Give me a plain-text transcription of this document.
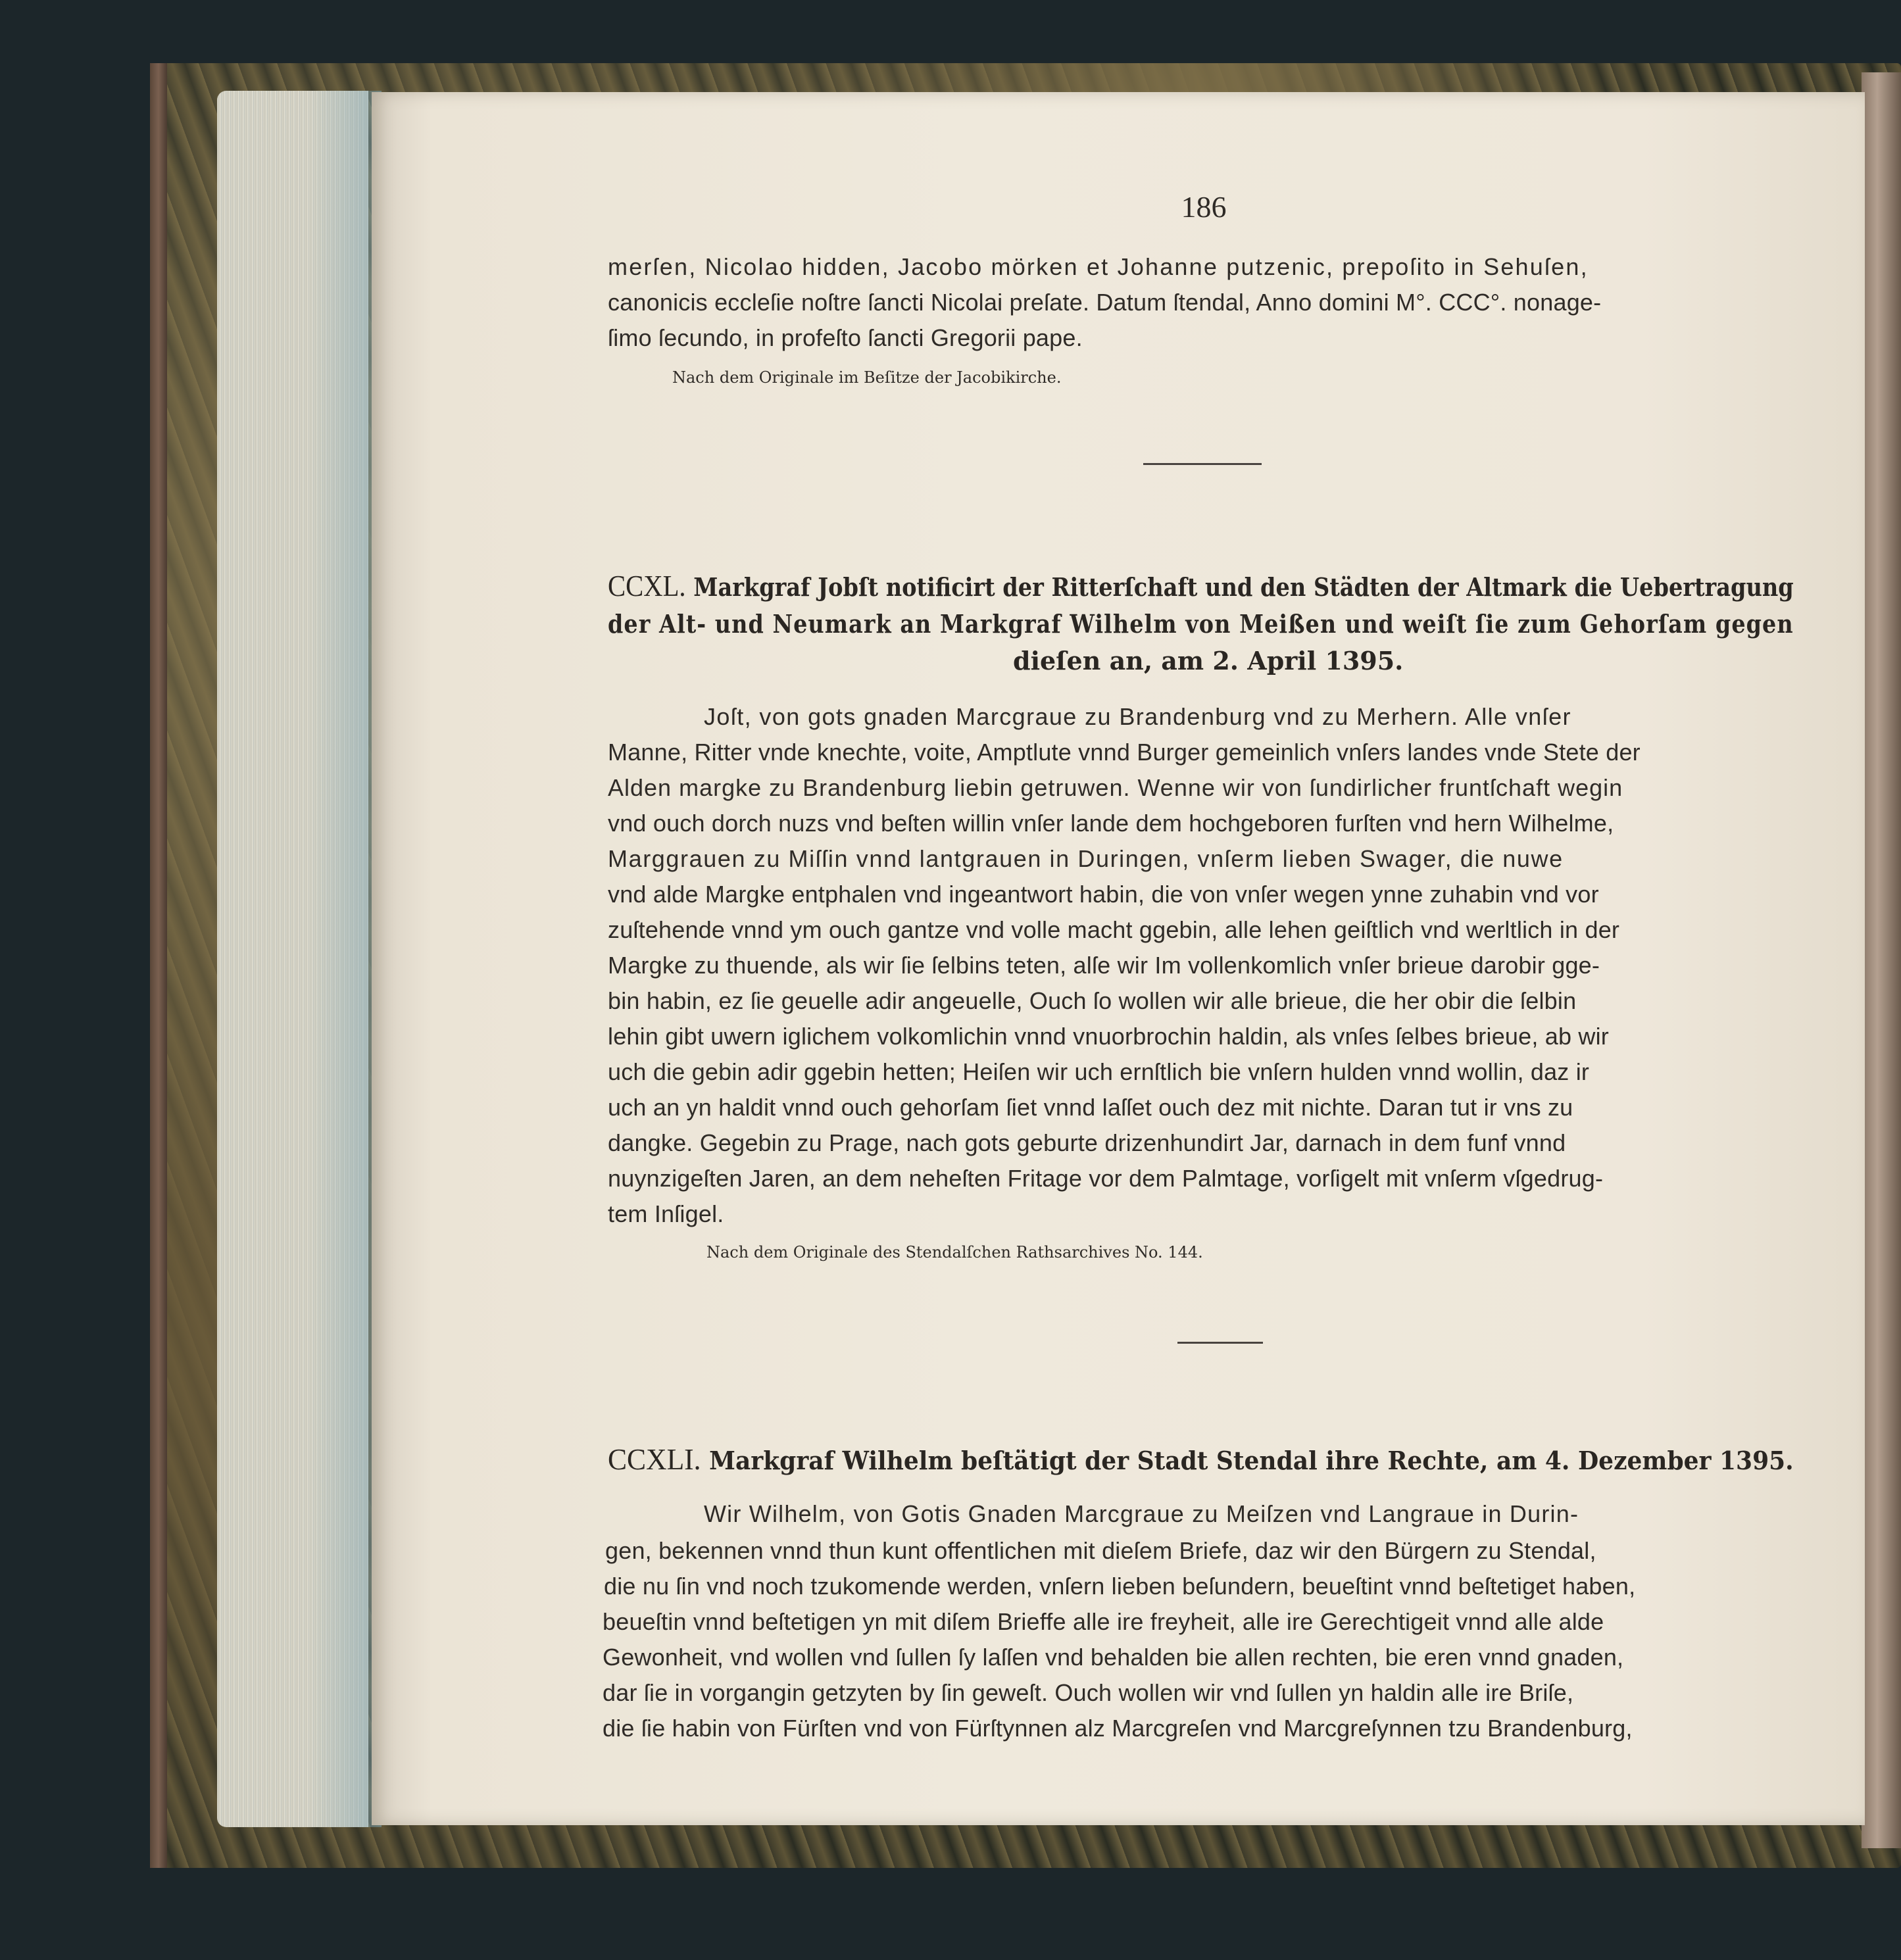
186

merſen, Nicolao hidden, Jacobo mörken et Johanne putzenic, prepoſito in Sehuſen,

canonicis eccleſie noſtre ſancti Nicolai preſate. Datum ſtendal, Anno domini M°. CCC°. nonage-

ſimo ſecundo, in profeſto ſancti Gregorii pape.

Nach dem Originale im Beſitze der Jacobikirche.

CCXL. Markgraf Jobſt notificirt der Ritterſchaft und den Städten der Altmark die Uebertragung

der Alt- und Neumark an Markgraf Wilhelm von Meißen und weiſt ſie zum Gehorſam gegen

dieſen an, am 2. April 1395.

Joſt, von gots gnaden Marcgraue zu Brandenburg vnd zu Merhern. Alle vnſer

Manne, Ritter vnde knechte, voite, Amptlute vnnd Burger gemeinlich vnſers landes vnde Stete der

Alden margke zu Brandenburg liebin getruwen. Wenne wir von ſundirlicher fruntſchaft wegin

vnd ouch dorch nuzs vnd beſten willin vnſer lande dem hochgeboren furſten vnd hern Wilhelme,

Marggrauen zu Miſſin vnnd lantgrauen in Duringen, vnſerm lieben Swager, die nuwe

vnd alde Margke entphalen vnd ingeantwort habin, die von vnſer wegen ynne zuhabin vnd vor

zuſtehende vnnd ym ouch gantze vnd volle macht ggebin, alle lehen geiſtlich vnd werltlich in der

Margke zu thuende, als wir ſie ſelbins teten, alſe wir Im vollenkomlich vnſer brieue darobir gge-

bin habin, ez ſie geuelle adir angeuelle, Ouch ſo wollen wir alle brieue, die her obir die ſelbin

lehin gibt uwern iglichem volkomlichin vnnd vnuorbrochin haldin, als vnſes ſelbes brieue, ab wir

uch die gebin adir ggebin hetten; Heiſen wir uch ernſtlich bie vnſern hulden vnnd wollin, daz ir

uch an yn haldit vnnd ouch gehorſam ſiet vnnd laſſet ouch dez mit nichte. Daran tut ir vns zu

dangke. Gegebin zu Prage, nach gots geburte drizenhundirt Jar, darnach in dem funf vnnd

nuynzigeſten Jaren, an dem neheſten Fritage vor dem Palmtage, vorſigelt mit vnſerm vſgedrug-

tem Inſigel.

Nach dem Originale des Stendalſchen Rathsarchives No. 144.

CCXLI. Markgraf Wilhelm beſtätigt der Stadt Stendal ihre Rechte, am 4. Dezember 1395.

Wir Wilhelm, von Gotis Gnaden Marcgraue zu Meiſzen vnd Langraue in Durin-

gen, bekennen vnnd thun kunt offentlichen mit dieſem Briefe, daz wir den Bürgern zu Stendal,

die nu ſin vnd noch tzukomende werden, vnſern lieben beſundern, beueſtint vnnd beſtetiget haben,

beueſtin vnnd beſtetigen yn mit diſem Brieffe alle ire freyheit, alle ire Gerechtigeit vnnd alle alde

Gewonheit, vnd wollen vnd ſullen ſy laſſen vnd behalden bie allen rechten, bie eren vnnd gnaden,

dar ſie in vorgangin getzyten by ſin geweſt. Ouch wollen wir vnd ſullen yn haldin alle ire Briſe,

die ſie habin von Fürſten vnd von Fürſtynnen alz Marcgreſen vnd Marcgreſynnen tzu Brandenburg,
